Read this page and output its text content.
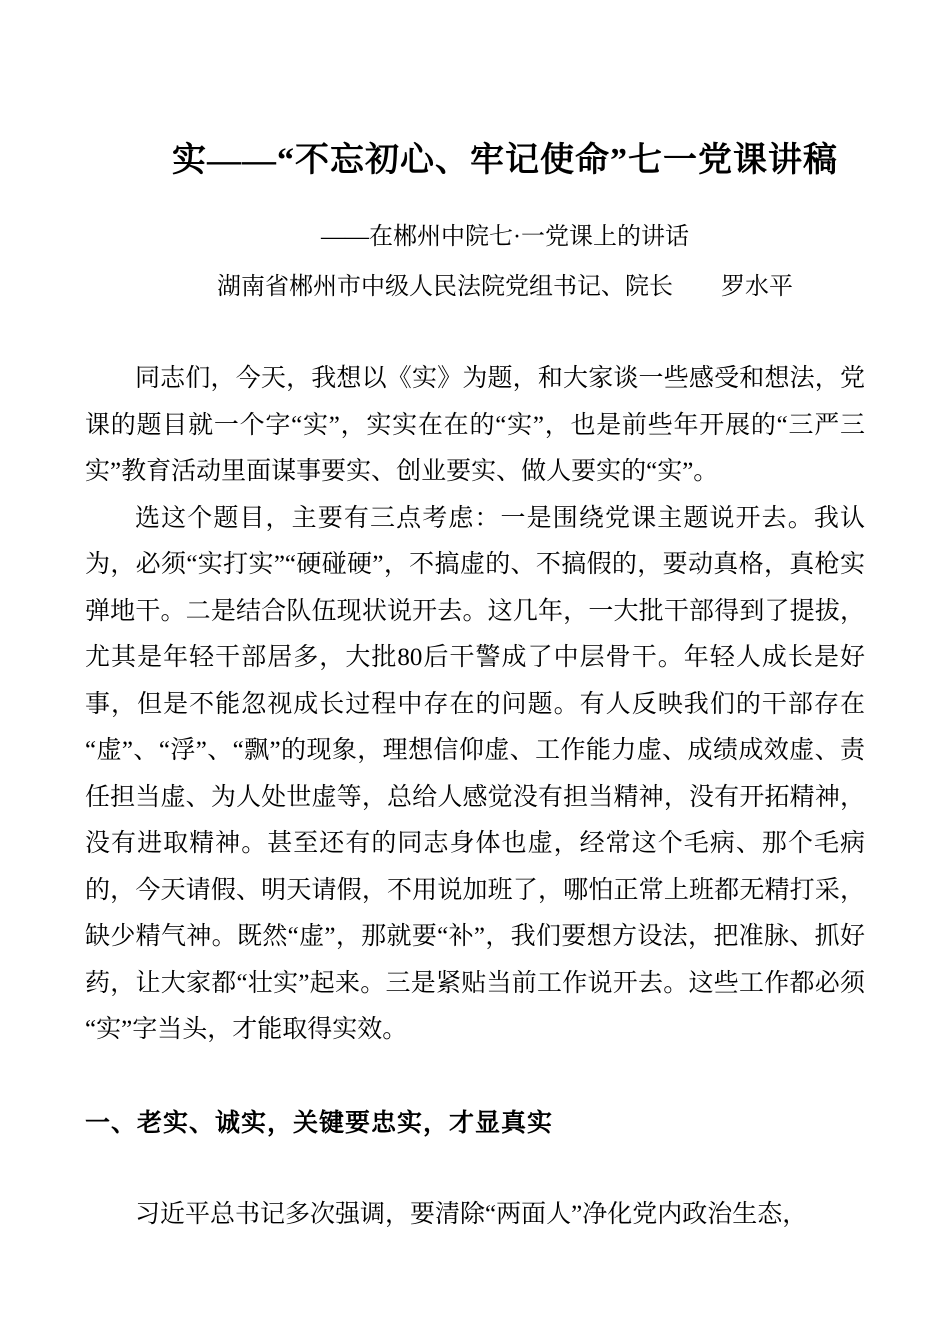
实——“不忘初心、牢记使命”七一党课讲稿
——在郴州中院七·一党课上的讲话
湖南省郴州市中级人民法院党组书记、院长　　罗水平

同志们，今天，我想以《实》为题，和大家谈一些感受和想法，党课的题目就一个字“实”，实实在在的“实”，也是前些年开展的“三严三实”教育活动里面谋事要实、创业要实、做人要实的“实”。

选这个题目，主要有三点考虑：一是围绕党课主题说开去。我认为，必须“实打实”“硬碰硬”，不搞虚的、不搞假的，要动真格，真枪实弹地干。二是结合队伍现状说开去。这几年，一大批干部得到了提拔，尤其是年轻干部居多，大批80后干警成了中层骨干。年轻人成长是好事，但是不能忽视成长过程中存在的问题。有人反映我们的干部存在“虚”、“浮”、“飘”的现象，理想信仰虚、工作能力虚、成绩成效虚、责任担当虚、为人处世虚等，总给人感觉没有担当精神，没有开拓精神，没有进取精神。甚至还有的同志身体也虚，经常这个毛病、那个毛病的，今天请假、明天请假，不用说加班了，哪怕正常上班都无精打采，缺少精气神。既然“虚”，那就要“补”，我们要想方设法，把准脉、抓好药，让大家都“壮实”起来。三是紧贴当前工作说开去。这些工作都必须“实”字当头，才能取得实效。

一、老实、诚实，关键要忠实，才显真实

习近平总书记多次强调，要清除“两面人”净化党内政治生态，
